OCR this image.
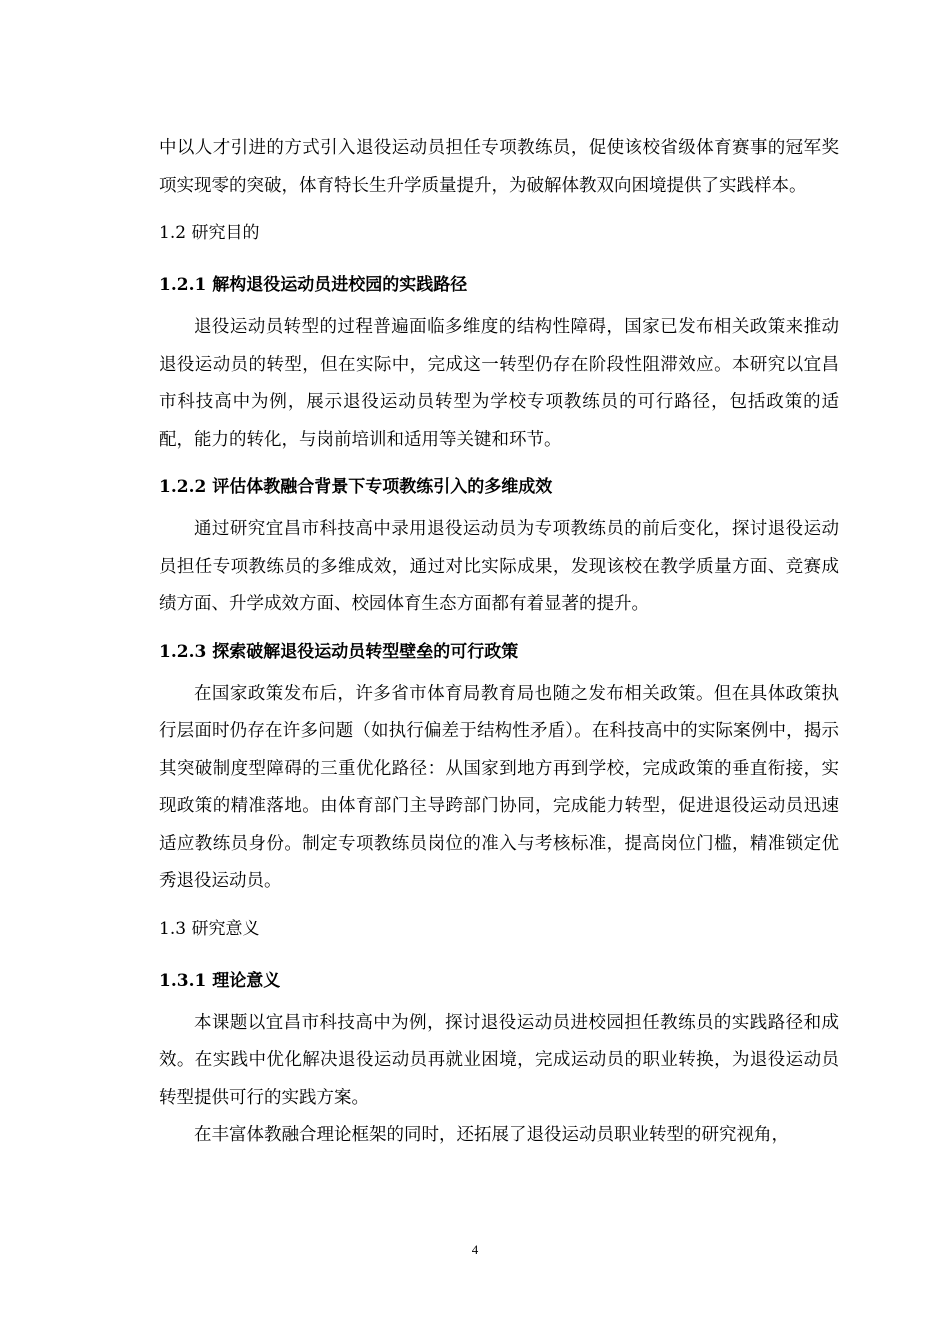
中以人才引进的方式引入退役运动员担任专项教练员，促使该校省级体育赛事的冠军奖项实现零的突破，体育特长生升学质量提升，为破解体教双向困境提供了实践样本。

1.2 研究目的
1.2.1 解构退役运动员进校园的实践路径

退役运动员转型的过程普遍面临多维度的结构性障碍，国家已发布相关政策来推动退役运动员的转型，但在实际中，完成这一转型仍存在阶段性阻滞效应。本研究以宜昌市科技高中为例，展示退役运动员转型为学校专项教练员的可行路径，包括政策的适配，能力的转化，与岗前培训和适用等关键和环节。

1.2.2 评估体教融合背景下专项教练引入的多维成效

通过研究宜昌市科技高中录用退役运动员为专项教练员的前后变化，探讨退役运动员担任专项教练员的多维成效，通过对比实际成果，发现该校在教学质量方面、竞赛成绩方面、升学成效方面、校园体育生态方面都有着显著的提升。

1.2.3 探索破解退役运动员转型壁垒的可行政策

在国家政策发布后，许多省市体育局教育局也随之发布相关政策。但在具体政策执行层面时仍存在许多问题（如执行偏差于结构性矛盾）。在科技高中的实际案例中，揭示其突破制度型障碍的三重优化路径：从国家到地方再到学校，完成政策的垂直衔接，实现政策的精准落地。由体育部门主导跨部门协同，完成能力转型，促进退役运动员迅速适应教练员身份。制定专项教练员岗位的准入与考核标准，提高岗位门槛，精准锁定优秀退役运动员。

1.3 研究意义
1.3.1 理论意义

本课题以宜昌市科技高中为例，探讨退役运动员进校园担任教练员的实践路径和成效。在实践中优化解决退役运动员再就业困境，完成运动员的职业转换，为退役运动员转型提供可行的实践方案。

在丰富体教融合理论框架的同时，还拓展了退役运动员职业转型的研究视角，

4
